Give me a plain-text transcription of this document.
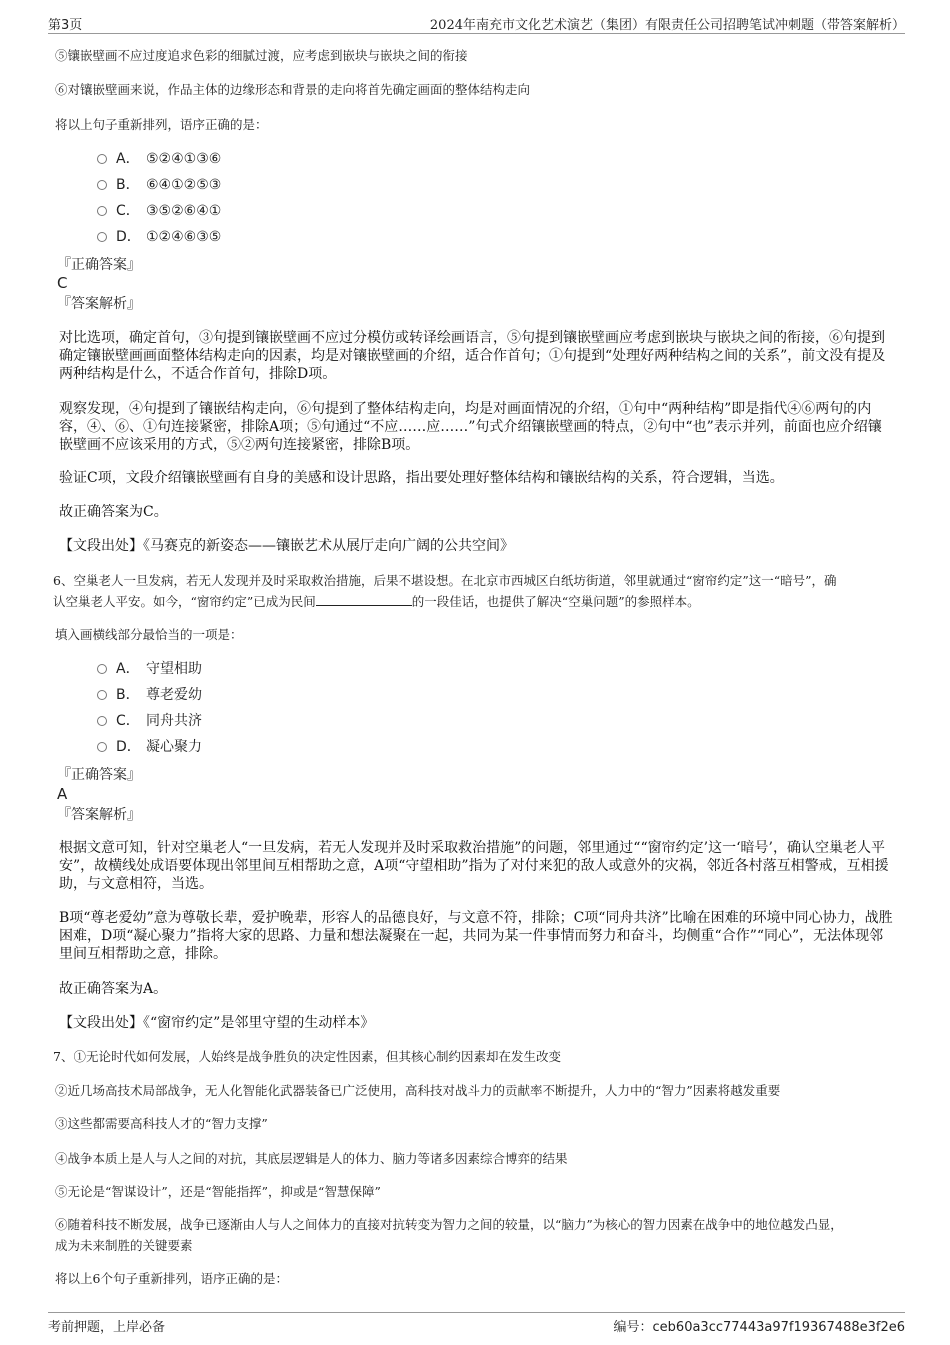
第3页	2024年南充市文化艺术演艺（集团）有限责任公司招聘笔试冲刺题（带答案解析）
⑤镶嵌壁画不应过度追求色彩的细腻过渡，应考虑到嵌块与嵌块之间的衔接
⑥对镶嵌壁画来说，作品主体的边缘形态和背景的走向将首先确定画面的整体结构走向
将以上句子重新排列，语序正确的是：
A． ⑤②④①③⑥
B． ⑥④①②⑤③
C． ③⑤②⑥④①
D． ①②④⑥③⑤
『正确答案』
C
『答案解析』
对比选项，确定首句，③句提到镶嵌壁画不应过分模仿或转译绘画语言，⑤句提到镶嵌壁画应考虑到嵌块与嵌块之间的衔接，⑥句提到确定镶嵌壁画画面整体结构走向的因素，均是对镶嵌壁画的介绍，适合作首句；①句提到“处理好两种结构之间的关系”，前文没有提及两种结构是什么，不适合作首句，排除D项。
观察发现，④句提到了镶嵌结构走向，⑥句提到了整体结构走向，均是对画面情况的介绍，①句中“两种结构”即是指代④⑥两句的内容，④、⑥、①句连接紧密，排除A项；⑤句通过“不应……应……”句式介绍镶嵌壁画的特点，②句中“也”表示并列，前面也应介绍镶嵌壁画不应该采用的方式，⑤②两句连接紧密，排除B项。
验证C项，文段介绍镶嵌壁画有自身的美感和设计思路，指出要处理好整体结构和镶嵌结构的关系，符合逻辑，当选。
故正确答案为C。
【文段出处】《马赛克的新姿态——镶嵌艺术从展厅走向广阔的公共空间》
6、空巢老人一旦发病，若无人发现并及时采取救治措施，后果不堪设想。在北京市西城区白纸坊街道，邻里就通过“窗帘约定”这一“暗号”，确
认空巢老人平安。如今，“窗帘约定”已成为民间	的一段佳话，也提供了解决“空巢问题”的参照样本。
填入画横线部分最恰当的一项是：
A． 守望相助
B． 尊老爱幼
C． 同舟共济
D． 凝心聚力
『正确答案』
A
『答案解析』
根据文意可知，针对空巢老人“一旦发病，若无人发现并及时采取救治措施”的问题，邻里通过““窗帘约定’这一‘暗号’，确认空巢老人平安”，故横线处成语要体现出邻里间互相帮助之意，A项“守望相助”指为了对付来犯的敌人或意外的灾祸，邻近各村落互相警戒，互相援助，与文意相符，当选。
B项“尊老爱幼”意为尊敬长辈，爱护晚辈，形容人的品德良好，与文意不符，排除；C项“同舟共济”比喻在困难的环境中同心协力，战胜困难，D项“凝心聚力”指将大家的思路、力量和想法凝聚在一起，共同为某一件事情而努力和奋斗，均侧重“合作”“同心”，无法体现邻里间互相帮助之意，排除。
故正确答案为A。
【文段出处】《“窗帘约定”是邻里守望的生动样本》
7、①无论时代如何发展，人始终是战争胜负的决定性因素，但其核心制约因素却在发生改变
②近几场高技术局部战争，无人化智能化武器装备已广泛使用，高科技对战斗力的贡献率不断提升，人力中的“智力”因素将越发重要
③这些都需要高科技人才的“智力支撑”
④战争本质上是人与人之间的对抗，其底层逻辑是人的体力、脑力等诸多因素综合博弈的结果
⑤无论是“智谋设计”，还是“智能指挥”，抑或是“智慧保障”
⑥随着科技不断发展，战争已逐渐由人与人之间体力的直接对抗转变为智力之间的较量，以“脑力”为核心的智力因素在战争中的地位越发凸显，
成为未来制胜的关键要素
将以上6个句子重新排列，语序正确的是：
考前押题，上岸必备	编号：ceb60a3cc77443a97f19367488e3f2e6
